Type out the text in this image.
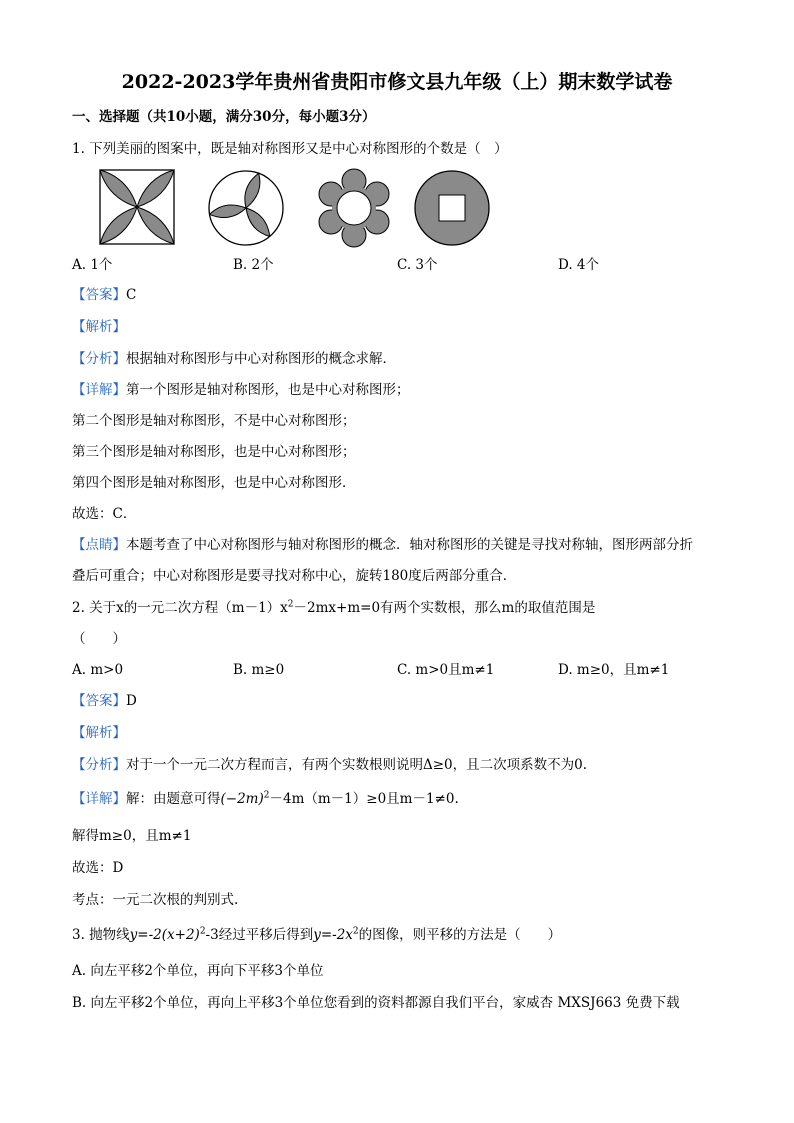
2022-2023学年贵州省贵阳市修文县九年级（上）期末数学试卷
一、选择题（共10小题，满分30分，每小题3分）
1. 下列美丽的图案中，既是轴对称图形又是中心对称图形的个数是（　）
A. 1个	B. 2个	C. 3个	D. 4个
【答案】C
【解析】
【分析】根据轴对称图形与中心对称图形的概念求解．
【详解】第一个图形是轴对称图形，也是中心对称图形；
第二个图形是轴对称图形，不是中心对称图形；
第三个图形是轴对称图形，也是中心对称图形；
第四个图形是轴对称图形，也是中心对称图形．
故选：C．
【点睛】本题考查了中心对称图形与轴对称图形的概念．轴对称图形的关键是寻找对称轴，图形两部分折
叠后可重合；中心对称图形是要寻找对称中心，旋转180度后两部分重合．
2. 关于x的一元二次方程$(m-1)x^2-2mx+m=0$有两个实数根，那么m的取值范围是
（　　）
A. m>0	B. m≥0	C. m>0且m≠1	D. m≥0，且m≠1
【答案】D
【解析】
【分析】对于一个一元二次方程而言，有两个实数根则说明Δ≥0，且二次项系数不为0.
【详解】解：由题意可得$(-2m)^2-4m(m-1)\ge 0$且m－1≠0.
解得m≥0，且m≠1
故选：D
考点：一元二次根的判别式.
3. 抛物线$y=-2(x+2)^2-3$经过平移后得到$y=-2x^2$的图像，则平移的方法是（　　）
A. 向左平移2个单位，再向下平移3个单位
B. 向左平移2个单位，再向上平移3个单位您看到的资料都源自我们平台，家威杏 MXSJ663 免费下载
